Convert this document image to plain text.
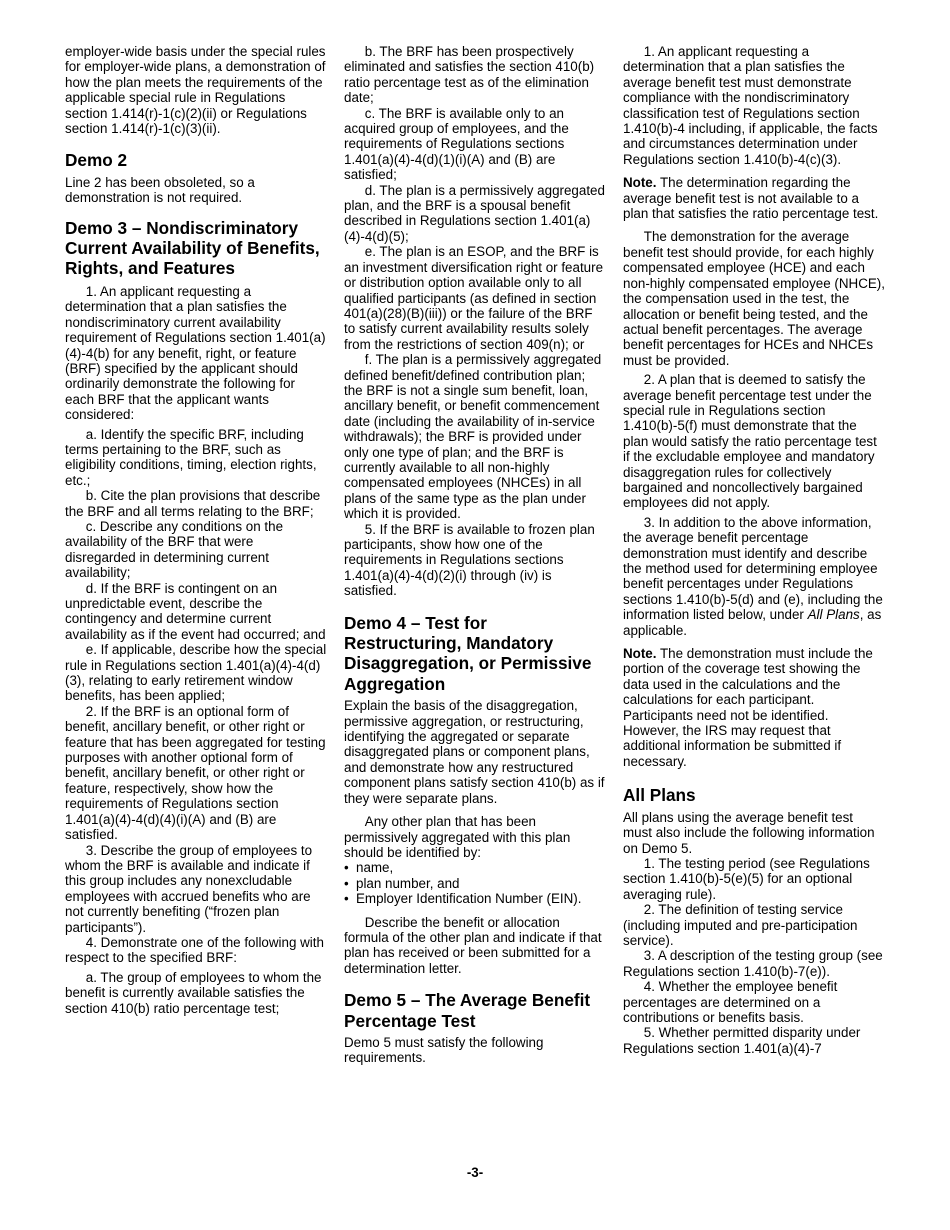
employer-wide basis under the special rules for employer-wide plans, a demonstration of how the plan meets the requirements of the applicable special rule in Regulations section 1.414(r)-1(c)(2)(ii) or Regulations section 1.414(r)-1(c)(3)(ii).

Demo 2

Line 2 has been obsoleted, so a demonstration is not required.

Demo 3 – Nondiscriminatory Current Availability of Benefits, Rights, and Features

1. An applicant requesting a determination that a plan satisfies the nondiscriminatory current availability requirement of Regulations section 1.401(a)(4)-4(b) for any benefit, right, or feature (BRF) specified by the applicant should ordinarily demonstrate the following for each BRF that the applicant wants considered:

a. Identify the specific BRF, including terms pertaining to the BRF, such as eligibility conditions, timing, election rights, etc.;

b. Cite the plan provisions that describe the BRF and all terms relating to the BRF;

c. Describe any conditions on the availability of the BRF that were disregarded in determining current availability;

d. If the BRF is contingent on an unpredictable event, describe the contingency and determine current availability as if the event had occurred; and

e. If applicable, describe how the special rule in Regulations section 1.401(a)(4)-4(d)(3), relating to early retirement window benefits, has been applied;

2. If the BRF is an optional form of benefit, ancillary benefit, or other right or feature that has been aggregated for testing purposes with another optional form of benefit, ancillary benefit, or other right or feature, respectively, show how the requirements of Regulations section 1.401(a)(4)-4(d)(4)(i)(A) and (B) are satisfied.

3. Describe the group of employees to whom the BRF is available and indicate if this group includes any nonexcludable employees with accrued benefits who are not currently benefiting (“frozen plan participants”).

4. Demonstrate one of the following with respect to the specified BRF:

a. The group of employees to whom the benefit is currently available satisfies the section 410(b) ratio percentage test;

b. The BRF has been prospectively eliminated and satisfies the section 410(b) ratio percentage test as of the elimination date;

c. The BRF is available only to an acquired group of employees, and the requirements of Regulations sections 1.401(a)(4)-4(d)(1)(i)(A) and (B) are satisfied;

d. The plan is a permissively aggregated plan, and the BRF is a spousal benefit described in Regulations section 1.401(a)(4)-4(d)(5);

e. The plan is an ESOP, and the BRF is an investment diversification right or feature or distribution option available only to all qualified participants (as defined in section 401(a)(28)(B)(iii)) or the failure of the BRF to satisfy current availability results solely from the restrictions of section 409(n); or

f. The plan is a permissively aggregated defined benefit/defined contribution plan; the BRF is not a single sum benefit, loan, ancillary benefit, or benefit commencement date (including the availability of in-service withdrawals); the BRF is provided under only one type of plan; and the BRF is currently available to all non-highly compensated employees (NHCEs) in all plans of the same type as the plan under which it is provided.

5. If the BRF is available to frozen plan participants, show how one of the requirements in Regulations sections 1.401(a)(4)-4(d)(2)(i) through (iv) is satisfied.

Demo 4 – Test for Restructuring, Mandatory Disaggregation, or Permissive Aggregation

Explain the basis of the disaggregation, permissive aggregation, or restructuring, identifying the aggregated or separate disaggregated plans or component plans, and demonstrate how any restructured component plans satisfy section 410(b) as if they were separate plans.

Any other plan that has been permissively aggregated with this plan should be identified by:

• name,
• plan number, and
• Employer Identification Number (EIN).

Describe the benefit or allocation formula of the other plan and indicate if that plan has received or been submitted for a determination letter.

Demo 5 – The Average Benefit Percentage Test

Demo 5 must satisfy the following requirements.

1. An applicant requesting a determination that a plan satisfies the average benefit test must demonstrate compliance with the nondiscriminatory classification test of Regulations section 1.410(b)-4 including, if applicable, the facts and circumstances determination under Regulations section 1.410(b)-4(c)(3).

Note. The determination regarding the average benefit test is not available to a plan that satisfies the ratio percentage test.

The demonstration for the average benefit test should provide, for each highly compensated employee (HCE) and each non-highly compensated employee (NHCE), the compensation used in the test, the allocation or benefit being tested, and the actual benefit percentages. The average benefit percentages for HCEs and NHCEs must be provided.

2. A plan that is deemed to satisfy the average benefit percentage test under the special rule in Regulations section 1.410(b)-5(f) must demonstrate that the plan would satisfy the ratio percentage test if the excludable employee and mandatory disaggregation rules for collectively bargained and noncollectively bargained employees did not apply.

3. In addition to the above information, the average benefit percentage demonstration must identify and describe the method used for determining employee benefit percentages under Regulations sections 1.410(b)-5(d) and (e), including the information listed below, under All Plans, as applicable.

Note. The demonstration must include the portion of the coverage test showing the data used in the calculations and the calculations for each participant. Participants need not be identified. However, the IRS may request that additional information be submitted if necessary.

All Plans

All plans using the average benefit test must also include the following information on Demo 5.

1. The testing period (see Regulations section 1.410(b)-5(e)(5) for an optional averaging rule).

2. The definition of testing service (including imputed and pre-participation service).

3. A description of the testing group (see Regulations section 1.410(b)-7(e)).

4. Whether the employee benefit percentages are determined on a contributions or benefits basis.

5. Whether permitted disparity under Regulations section 1.401(a)(4)-7

-3-
